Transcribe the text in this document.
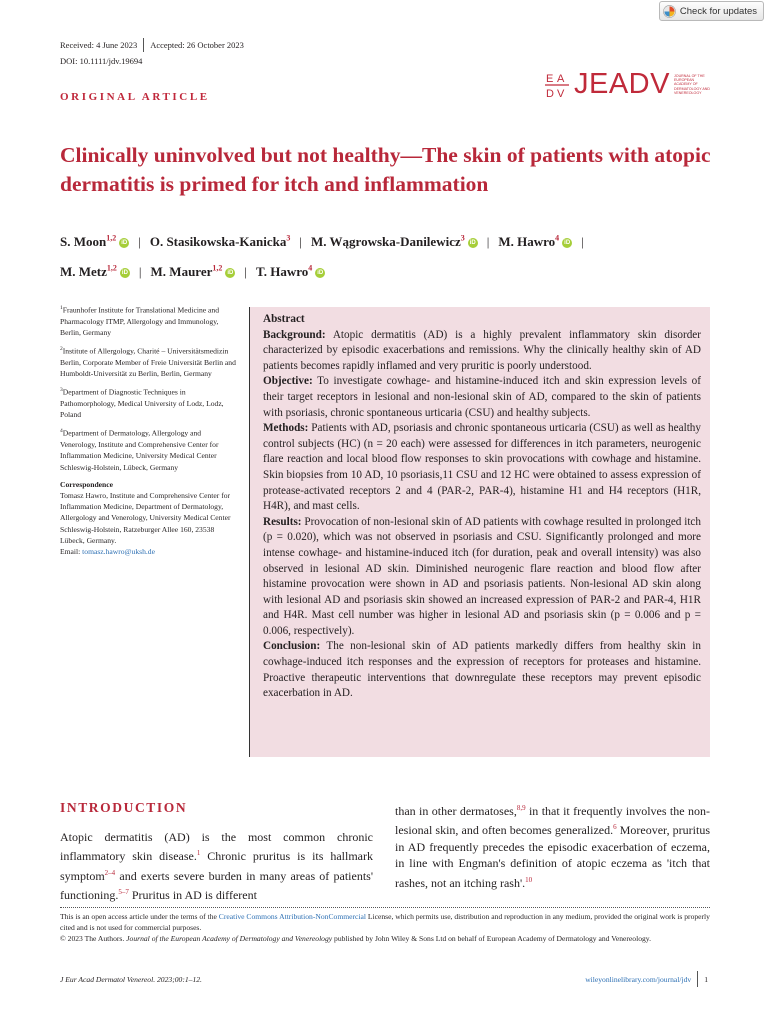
Check for updates
Received: 4 June 2023 Accepted: 26 October 2023
DOI: 10.1111/jdv.19694
E A
D V JEADV JOURNAL OF THE
EUROPEAN
ACADEMY OF
DERMATOLOGY AND
VENEREOLOGY
ORIGINAL ARTICLE
Clinically uninvolved but not healthy—The skin of patients with atopic dermatitis is primed for itch and inflammation
S. Moon$^{1,2}$iD | O. Stasikowska-Kanicka$^3$ | M. Wągrowska-Danilewicz$^3$iD | M. Hawro$^4$iD |
M. Metz$^{1,2}$iD | M. Maurer$^{1,2}$iD | T. Hawro$^4$iD
$^1$Fraunhofer Institute for Translational Medicine and Pharmacology ITMP, Allergology and Immunology, Berlin, Germany
$^2$Institute of Allergology, Charité – Universitätsmedizin Berlin, Corporate Member of Freie Universität Berlin and Humboldt-Universität zu Berlin, Berlin, Germany
$^3$Department of Diagnostic Techniques in Pathomorphology, Medical University of Lodz, Lodz, Poland
$^4$Department of Dermatology, Allergology and Venerology, Institute and Comprehensive Center for Inflammation Medicine, University Medical Center Schleswig-Holstein, Lübeck, Germany
Correspondence
Tomasz Hawro, Institute and Comprehensive Center for Inflammation Medicine, Department of Dermatology, Allergology and Venerology, University Medical Center Schleswig-Holstein, Ratzeburger Allee 160, 23538 Lübeck, Germany.
Email: tomasz.hawro@uksh.de
Abstract
Background: Atopic dermatitis (AD) is a highly prevalent inflammatory skin disorder characterized by episodic exacerbations and remissions. Why the clinically healthy skin of AD patients becomes rapidly inflamed and very pruritic is poorly understood.
Objective: To investigate cowhage- and histamine-induced itch and skin expression levels of their target receptors in lesional and non-lesional skin of AD, compared to the skin of patients with psoriasis, chronic spontaneous urticaria (CSU) and healthy subjects.
Methods: Patients with AD, psoriasis and chronic spontaneous urticaria (CSU) as well as healthy control subjects (HC) (n = 20 each) were assessed for differences in itch parameters, neurogenic flare reaction and local blood flow responses to skin provocations with cowhage and histamine. Skin biopsies from 10 AD, 10 psoriasis,11 CSU and 12 HC were obtained to assess expression of protease-activated receptors 2 and 4 (PAR-2, PAR-4), histamine H1 and H4 receptors (H1R, H4R), and mast cells.
Results: Provocation of non-lesional skin of AD patients with cowhage resulted in prolonged itch (p = 0.020), which was not observed in psoriasis and CSU. Significantly prolonged and more intense cowhage- and histamine-induced itch (for duration, peak and overall intensity) was also observed in lesional AD skin. Diminished neurogenic flare reaction and blood flow after histamine provocation were shown in AD and psoriasis patients. Non-lesional AD skin along with lesional AD and psoriasis skin showed an increased expression of PAR-2 and PAR-4, H1R and H4R. Mast cell number was higher in lesional AD and psoriasis skin (p = 0.006 and p = 0.006, respectively).
Conclusion: The non-lesional skin of AD patients markedly differs from healthy skin in cowhage-induced itch responses and the expression of receptors for proteases and histamine. Proactive therapeutic interventions that downregulate these receptors may prevent episodic exacerbation in AD.
INTRODUCTION

Atopic dermatitis (AD) is the most common chronic inflammatory skin disease.$^1$ Chronic pruritus is its hallmark symptom$^{2-4}$ and exerts severe burden in many areas of patients' functioning.$^{5-7}$ Pruritus in AD is different

than in other dermatoses,$^{8,9}$ in that it frequently involves the non-lesional skin, and often becomes generalized.$^6$ Moreover, pruritus in AD frequently precedes the episodic exacerbation of eczema, in line with Engman's definition of atopic eczema as 'itch that rashes, not an itching rash'.$^{10}$

This is an open access article under the terms of the Creative Commons Attribution-NonCommercial License, which permits use, distribution and reproduction in any medium, provided the original work is properly cited and is not used for commercial purposes.
© 2023 The Authors. Journal of the European Academy of Dermatology and Venereology published by John Wiley & Sons Ltd on behalf of European Academy of Dermatology and Venereology.
J Eur Acad Dermatol Venereol. 2023;00:1–12.	wileyonlinelibrary.com/journal/jdv 1
